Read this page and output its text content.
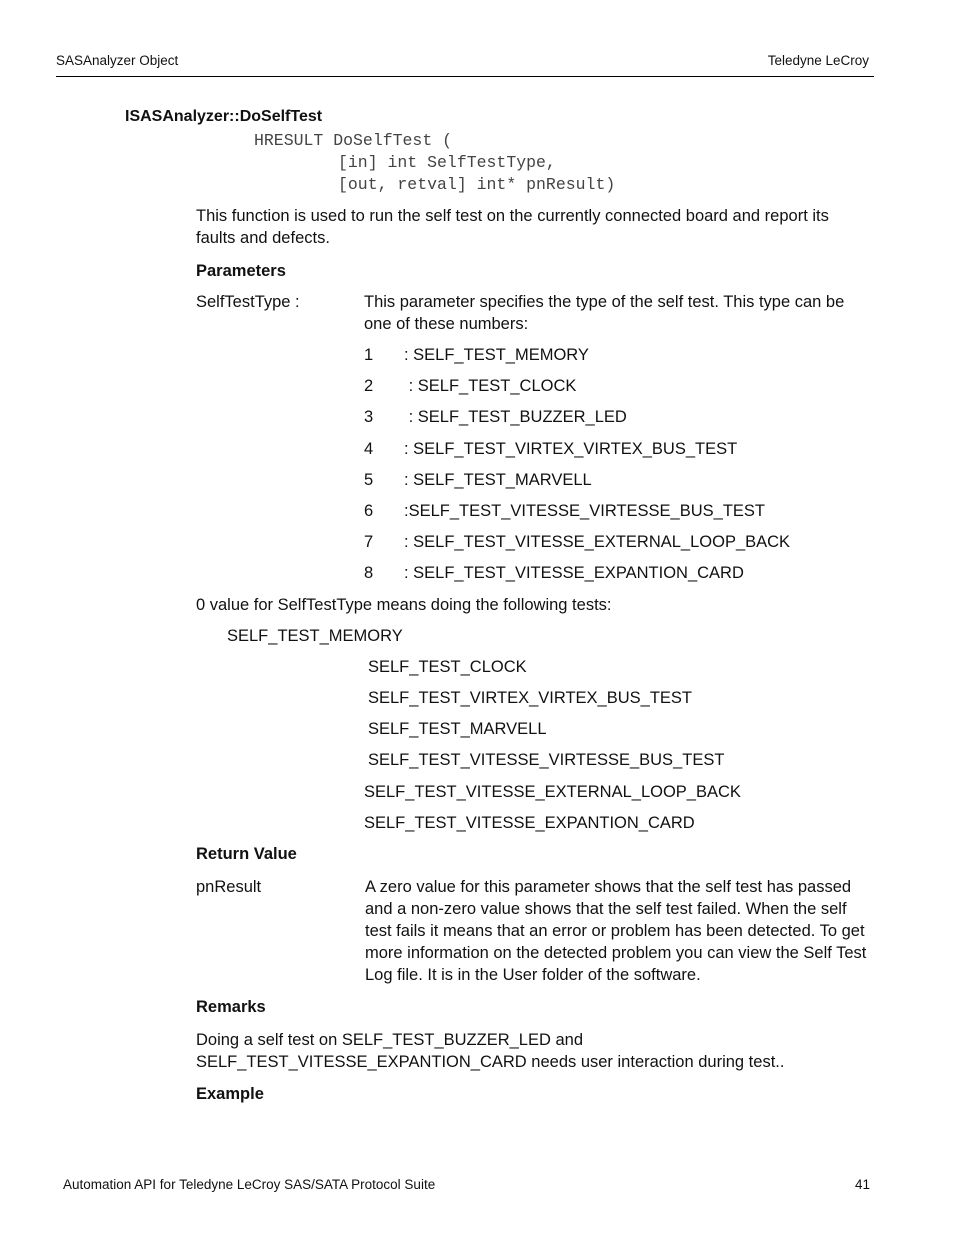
SASAnalyzer Object	Teledyne LeCroy
ISASAnalyzer::DoSelfTest
HRESULT DoSelfTest (
[in] int SelfTestType,
[out, retval] int* pnResult)
This function is used to run the self test on the currently connected board and report its faults and defects.
Parameters
SelfTestType :	This parameter specifies the type of the self test. This type can be one of these numbers:
1 : SELF_TEST_MEMORY
2 : SELF_TEST_CLOCK
3 : SELF_TEST_BUZZER_LED
4 : SELF_TEST_VIRTEX_VIRTEX_BUS_TEST
5 : SELF_TEST_MARVELL
6 :SELF_TEST_VITESSE_VIRTESSE_BUS_TEST
7 : SELF_TEST_VITESSE_EXTERNAL_LOOP_BACK
8 : SELF_TEST_VITESSE_EXPANTION_CARD
0 value for SelfTestType means doing the following tests:
SELF_TEST_MEMORY
SELF_TEST_CLOCK
SELF_TEST_VIRTEX_VIRTEX_BUS_TEST
SELF_TEST_MARVELL
SELF_TEST_VITESSE_VIRTESSE_BUS_TEST
SELF_TEST_VITESSE_EXTERNAL_LOOP_BACK
SELF_TEST_VITESSE_EXPANTION_CARD
Return Value
pnResult	A zero value for this parameter shows that the self test has passed and a non-zero value shows that the self test failed. When the self test fails it means that an error or problem has been detected. To get more information on the detected problem you can view the Self Test Log file. It is in the User folder of the software.
Remarks
Doing a self test on SELF_TEST_BUZZER_LED and SELF_TEST_VITESSE_EXPANTION_CARD needs user interaction during test..
Example
Automation API for Teledyne LeCroy SAS/SATA Protocol Suite	41
